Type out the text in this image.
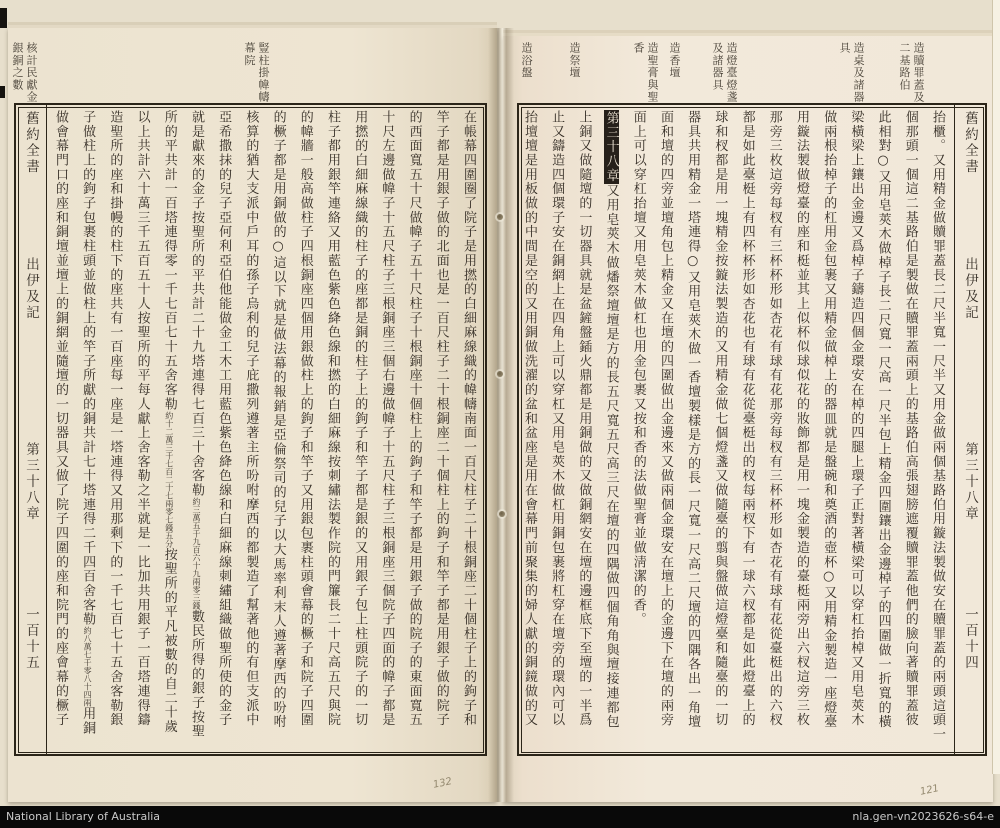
豎柱掛幃幬幕院
核計民獻金銀銅之數
舊約全書
出伊及記
第三十八章
一百十五	在帳幕四圍圈了院子是用撚的白細麻線織的幃幬南面一百尺柱子二十根銅座二十個柱子上的鉤子和
竿子都是用銀子做的北面也是一百尺柱子二十根銅座二十個柱上的鉤子和竿子都是用銀子做的院子
的西面寬五十尺做幃子五十尺柱子十根銅座十個柱上的鉤子和竿子都是用銀子做的院子的東面寬五
十尺左邊做幃子十五尺柱子三根銅座三個右邊做幃子十五尺柱子三根銅座三個院子四面的幃子都是
用撚的白細麻線織的柱子的座都是銅的柱子上的鉤子和竿子都是銀的又用銀子包上柱頭院子的一切
柱子都用銀竿連絡又用藍色紫色絳色線和撚的白細麻線按刺繡法製作院的門簾長二十尺高五尺與院
的幃牆一般高做柱子四根銅座四個用銀做柱上的鉤子和竿子又用銀包裹柱頭會幕的橛子和院子四圍
的橛子都是用銅做的○這以下就是做法幕的報銷是亞倫祭司的兒子以大馬率利末人遵著摩西的吩咐
核算的猶大支派中戶耳的孫子烏利的兒子庇撒列遵著主所吩咐摩西的都製造了幫著他的有但支派中
亞希撒抹的兒子亞何利亞伯他能做金工木工用藍色紫色絳色線和白細麻線刺繡組織做聖所使的金子
就是獻來的金子按聖所的平共計二十九塔連得七百三十舍客勒約三萬五千九百六十九兩零三錢數民所得的銀子按聖
所的平共計一百塔連得零一千七百七十五舍客勒約十二萬三千七百二十七兩零七錢五分按聖所的平凡被數的自二十歲
以上共計六十萬三千五百五十人按聖所的平每人獻上舍客勒之半就是一比加共用銀子一百塔連得鑄
造聖所的座和掛幔的柱下的座共有一百座每一座是一塔連得又用那剩下的一千七百七十五舍客勒銀
子做柱上的鉤子包裹柱頭並做柱上的竿子所獻的銅共計七十塔連得二千四百舍客勒約八萬七千零八十四兩用銅
做會幕門口的座和銅壇並壇上的銅網並隨壇的一切器具又做了院子四圍的座和院門的座會幕的橛子
造贖罪蓋及二基路伯
造桌及諸器具
造燈臺燈盞及諸器具
造香壇
造聖膏與聖香
造祭壇
造浴盤
舊約全書
出伊及記
第三十八章
一百十四
抬櫃。又用精金做贖罪蓋長二尺半寬一尺半又用金做兩個基路伯用鏇法製做安在贖罪蓋的兩頭這頭一
個那頭一個這二基路伯是製做在贖罪蓋兩頭上的基路伯高張翅膀遮覆贖罪蓋他們的臉向著贖罪蓋彼
此相對○又用皂莢木做棹子長二尺寬一尺高一尺半包上精金四圍鑲出金邊棹子的四圍做一折寬的橫
梁橫梁上鑲出金邊又爲棹子鑄造四個金環安在棹的四腿上環子正對著橫梁可以穿杠抬棹又用皂莢木
做兩根抬棹子的杠用金包裹又用精金做棹上的器皿就是盤碗和奠酒的壺杯○又用精金製造一座燈臺
用鏇法製做燈臺的座和梃並其上似杯似球似花的妝飾都是用一塊金製造的臺梃兩旁出六杈這旁三枚
那旁三枚這旁每杈有三杯杯形如杏花有球有花那旁每杈有三杯杯形如杏花有球有花從臺梃出的六杈
都是如此臺梃上有四杯杯形如杏花也有球有花從臺梃出的杈每兩杈下有一球六杈都是如此燈臺上的
球和杈都是用一塊精金按鏇法製造的又用精金做七個燈盞又做隨臺的翦與盤做這燈臺和隨臺的一切
器具共用精金一塔連得○又用皂莢木做一香壇製樣是方的長一尺寬一尺高二尺壇的四隅各出一角壇
面和壇的四旁並壇角包上精金又在壇的四圍做出金邊來又做兩個金環安在壇上的金邊下在壇的兩旁
面上可以穿杠抬壇又用皂莢木做杠也用金包裹又按和香的法做聖膏並做淸潔的香。
第三十八章又用皂莢木做燔祭壇壇是方的長五尺寬五尺高三尺在壇的四隅做四個角角與壇接連都包
上銅又做隨壇的一切器具就是盆鏟盤鍤火鼎都是用銅做的又做銅網安在壇的邊框底下至壇的一半爲
止又鑄造四個環子安在銅網上在四角上可以穿杠又用皂莢木做杠用銅包裹將杠穿在壇旁的環內可以
抬壇壇是用板做的中間是空的又用銅做洗濯的盆和盆座是用在會幕門前聚集的婦人獻的銅鏡做的又
132	121
National Library of Australia	nla.gen-vn2023626-s64-e
